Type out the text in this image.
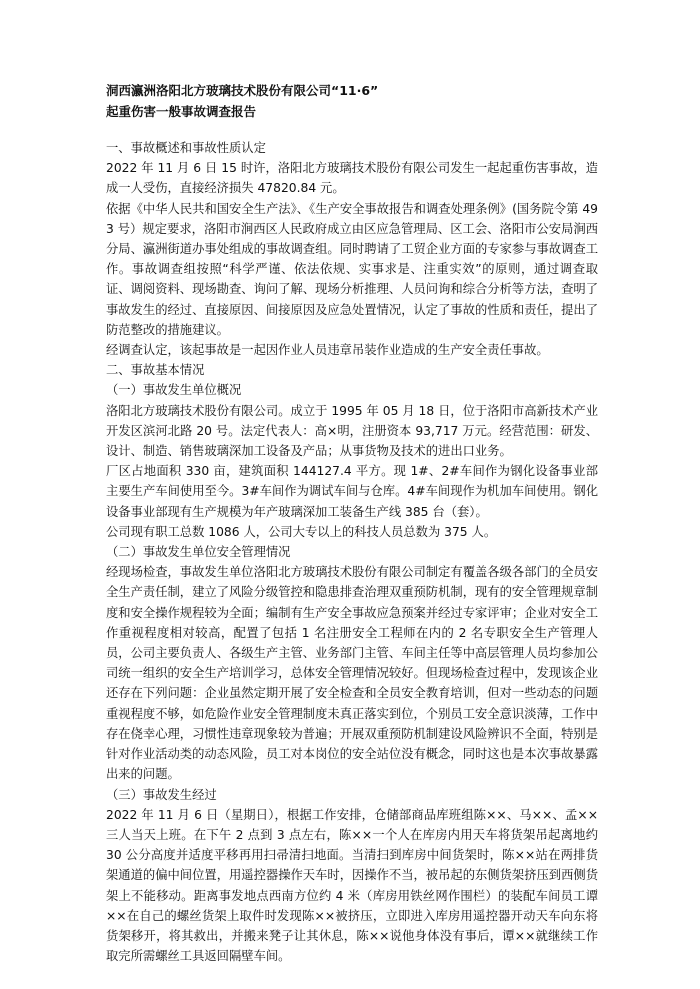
洞西瀛洲洛阳北方玻璃技术股份有限公司“11·6”

起重伤害一般事故调查报告

一、事故概述和事故性质认定

2022 年 11 月 6 日 15 时许，洛阳北方玻璃技术股份有限公司发生一起起重伤害事故，造成一人受伤，直接经济损失 47820.84 元。

依据《中华人民共和国安全生产法》、《生产安全事故报告和调查处理条例》(国务院令第 493 号）规定要求，洛阳市涧西区人民政府成立由区应急管理局、区工会、洛阳市公安局涧西分局、瀛洲街道办事处组成的事故调查组。同时聘请了工贸企业方面的专家参与事故调查工作。事故调查组按照“科学严谨、依法依规、实事求是、注重实效”的原则，通过调查取证、调阅资料、现场勘查、询问了解、现场分析推理、人员问询和综合分析等方法，查明了事故发生的经过、直接原因、间接原因及应急处置情况，认定了事故的性质和责任，提出了防范整改的措施建议。

经调查认定，该起事故是一起因作业人员违章吊装作业造成的生产安全责任事故。

二、事故基本情况

（一）事故发生单位概况

洛阳北方玻璃技术股份有限公司。成立于 1995 年 05 月 18 日，位于洛阳市高新技术产业开发区滨河北路 20 号。法定代表人：高×明，注册资本 93,717 万元。经营范围：研发、设计、制造、销售玻璃深加工设备及产品；从事货物及技术的进出口业务。

厂区占地面积 330 亩，建筑面积 144127.4 平方。现 1#、2#车间作为钢化设备事业部主要生产车间使用至今。3#车间作为调试车间与仓库。4#车间现作为机加车间使用。钢化设备事业部现有生产规模为年产玻璃深加工装备生产线 385 台（套）。

公司现有职工总数 1086 人，公司大专以上的科技人员总数为 375 人。

（二）事故发生单位安全管理情况

经现场检查，事故发生单位洛阳北方玻璃技术股份有限公司制定有覆盖各级各部门的全员安全生产责任制，建立了风险分级管控和隐患排查治理双重预防机制，现有的安全管理规章制度和安全操作规程较为全面；编制有生产安全事故应急预案并经过专家评审；企业对安全工作重视程度相对较高，配置了包括 1 名注册安全工程师在内的 2 名专职安全生产管理人员，公司主要负责人、各级生产主管、业务部门主管、车间主任等中高层管理人员均参加公司统一组织的安全生产培训学习，总体安全管理情况较好。但现场检查过程中，发现该企业还存在下列问题：企业虽然定期开展了安全检查和全员安全教育培训，但对一些动态的问题重视程度不够，如危险作业安全管理制度未真正落实到位，个别员工安全意识淡薄，工作中存在侥幸心理，习惯性违章现象较为普遍；开展双重预防机制建设风险辨识不全面，特别是针对作业活动类的动态风险，员工对本岗位的安全站位没有概念，同时这也是本次事故暴露出来的问题。

（三）事故发生经过

2022 年 11 月 6 日（星期日），根据工作安排，仓储部商品库班组陈××、马××、孟××三人当天上班。在下午 2 点到 3 点左右，陈××一个人在库房内用天车将货架吊起离地约 30 公分高度并适度平移再用扫帚清扫地面。当清扫到库房中间货架时，陈××站在两排货架通道的偏中间位置，用遥控器操作天车时，因操作不当，被吊起的东侧货架挤压到西侧货架上不能移动。距离事发地点西南方位约 4 米（库房用铁丝网作围栏）的装配车间员工谭××在自己的螺丝货架上取件时发现陈××被挤压，立即进入库房用遥控器开动天车向东将货架移开，将其救出，并搬来凳子让其休息，陈××说他身体没有事后，谭××就继续工作取完所需螺丝工具返回隔壁车间。
